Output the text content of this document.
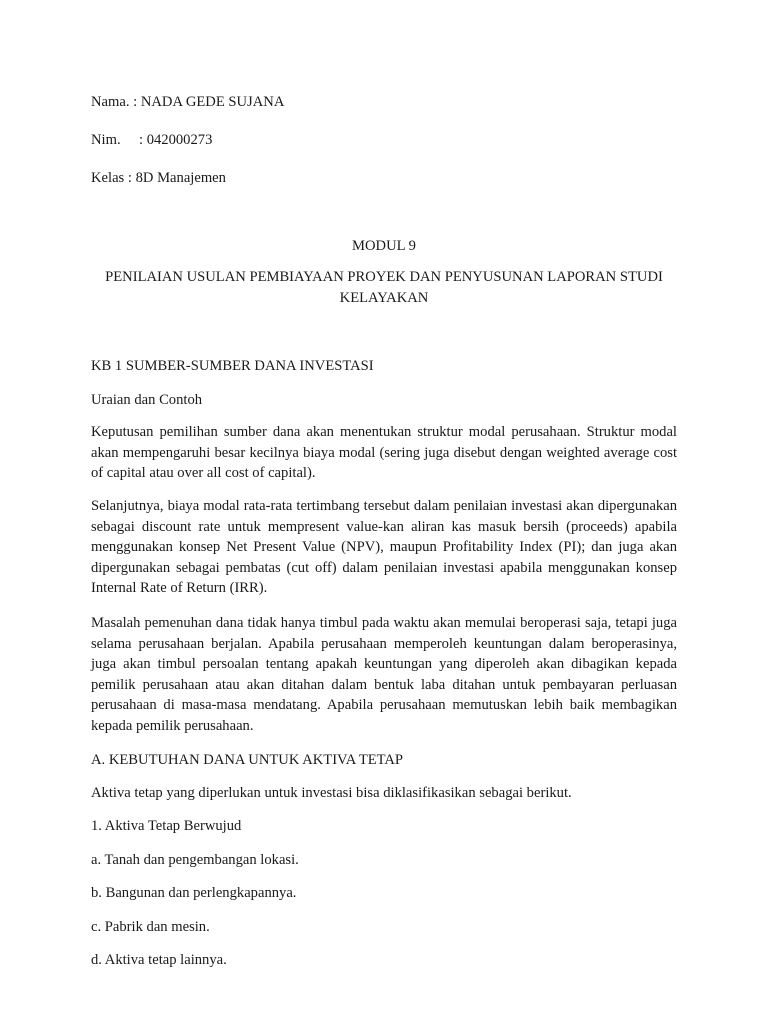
Nama. : NADA GEDE SUJANA

Nim. : 042000273

Kelas : 8D Manajemen

MODUL 9

PENILAIAN USULAN PEMBIAYAAN PROYEK DAN PENYUSUNAN LAPORAN STUDI KELAYAKAN

KB 1 SUMBER-SUMBER DANA INVESTASI

Uraian dan Contoh

Keputusan pemilihan sumber dana akan menentukan struktur modal perusahaan. Struktur modal akan mempengaruhi besar kecilnya biaya modal (sering juga disebut dengan weighted average cost of capital atau over all cost of capital).

Selanjutnya, biaya modal rata-rata tertimbang tersebut dalam penilaian investasi akan dipergunakan sebagai discount rate untuk mempresent value-kan aliran kas masuk bersih (proceeds) apabila menggunakan konsep Net Present Value (NPV), maupun Profitability Index (PI); dan juga akan dipergunakan sebagai pembatas (cut off) dalam penilaian investasi apabila menggunakan konsep Internal Rate of Return (IRR).

Masalah pemenuhan dana tidak hanya timbul pada waktu akan memulai beroperasi saja, tetapi juga selama perusahaan berjalan. Apabila perusahaan memperoleh keuntungan dalam beroperasinya, juga akan timbul persoalan tentang apakah keuntungan yang diperoleh akan dibagikan kepada pemilik perusahaan atau akan ditahan dalam bentuk laba ditahan untuk pembayaran perluasan perusahaan di masa-masa mendatang. Apabila perusahaan memutuskan lebih baik membagikan kepada pemilik perusahaan.

A. KEBUTUHAN DANA UNTUK AKTIVA TETAP

Aktiva tetap yang diperlukan untuk investasi bisa diklasifikasikan sebagai berikut.

1. Aktiva Tetap Berwujud

a. Tanah dan pengembangan lokasi.

b. Bangunan dan perlengkapannya.

c. Pabrik dan mesin.

d. Aktiva tetap lainnya.
